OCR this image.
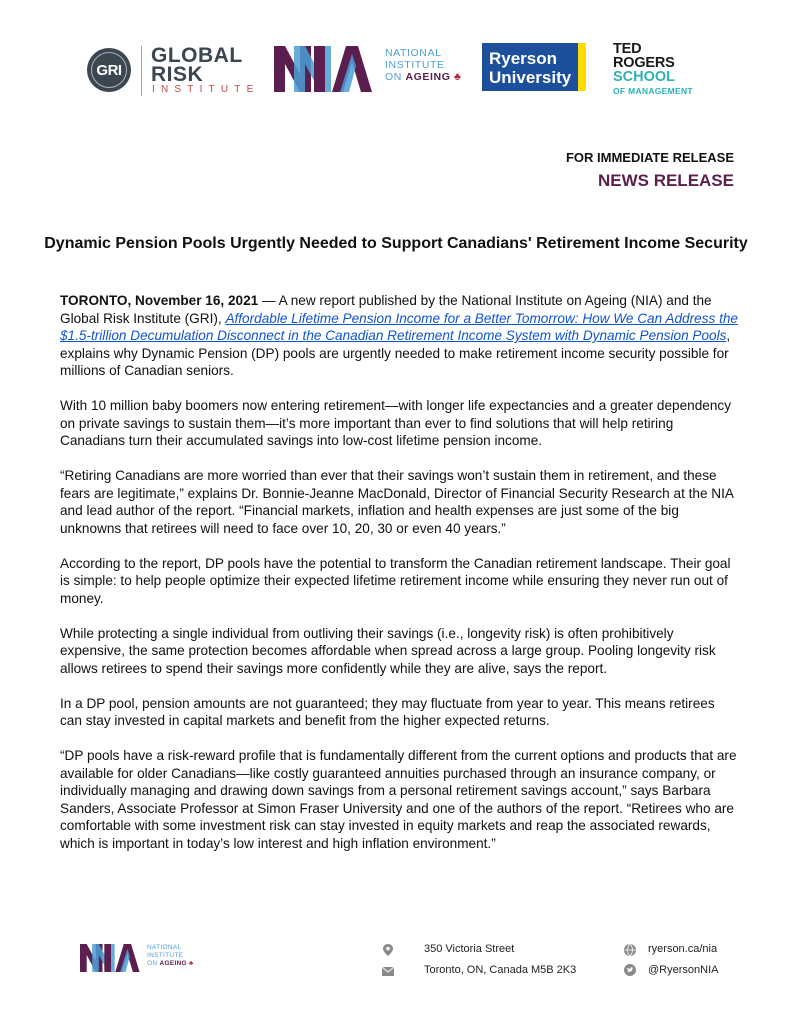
GRI
GLOBAL
RISK
INSTITUTE
NATIONAL
INSTITUTE
ON AGEING ♣
Ryerson
University
TED
ROGERS
SCHOOL
OF MANAGEMENT
FOR IMMEDIATE RELEASE
NEWS RELEASE
Dynamic Pension Pools Urgently Needed to Support Canadians' Retirement Income Security

TORONTO, November 16, 2021 — A new report published by the National Institute on Ageing (NIA) and the Global Risk Institute (GRI), Affordable Lifetime Pension Income for a Better Tomorrow: How We Can Address the $1.5-trillion Decumulation Disconnect in the Canadian Retirement Income System with Dynamic Pension Pools, explains why Dynamic Pension (DP) pools are urgently needed to make retirement income security possible for millions of Canadian seniors.

With 10 million baby boomers now entering retirement—with longer life expectancies and a greater dependency on private savings to sustain them—it’s more important than ever to find solutions that will help retiring Canadians turn their accumulated savings into low-cost lifetime pension income.

“Retiring Canadians are more worried than ever that their savings won’t sustain them in retirement, and these fears are legitimate,” explains Dr. Bonnie-Jeanne MacDonald, Director of Financial Security Research at the NIA and lead author of the report. “Financial markets, inflation and health expenses are just some of the big unknowns that retirees will need to face over 10, 20, 30 or even 40 years.”

According to the report, DP pools have the potential to transform the Canadian retirement landscape. Their goal is simple: to help people optimize their expected lifetime retirement income while ensuring they never run out of money.

While protecting a single individual from outliving their savings (i.e., longevity risk) is often prohibitively expensive, the same protection becomes affordable when spread across a large group. Pooling longevity risk allows retirees to spend their savings more confidently while they are alive, says the report.

In a DP pool, pension amounts are not guaranteed; they may fluctuate from year to year. This means retirees can stay invested in capital markets and benefit from the higher expected returns.

“DP pools have a risk-reward profile that is fundamentally different from the current options and products that are available for older Canadians—like costly guaranteed annuities purchased through an insurance company, or individually managing and drawing down savings from a personal retirement savings account,” says Barbara Sanders, Associate Professor at Simon Fraser University and one of the authors of the report. “Retirees who are comfortable with some investment risk can stay invested in equity markets and reap the associated rewards, which is important in today’s low interest and high inflation environment.”

NATIONAL
INSTITUTE
ON AGEING ♣
350 Victoria Street
Toronto, ON, Canada M5B 2K3
ryerson.ca/nia
@RyersonNIA
